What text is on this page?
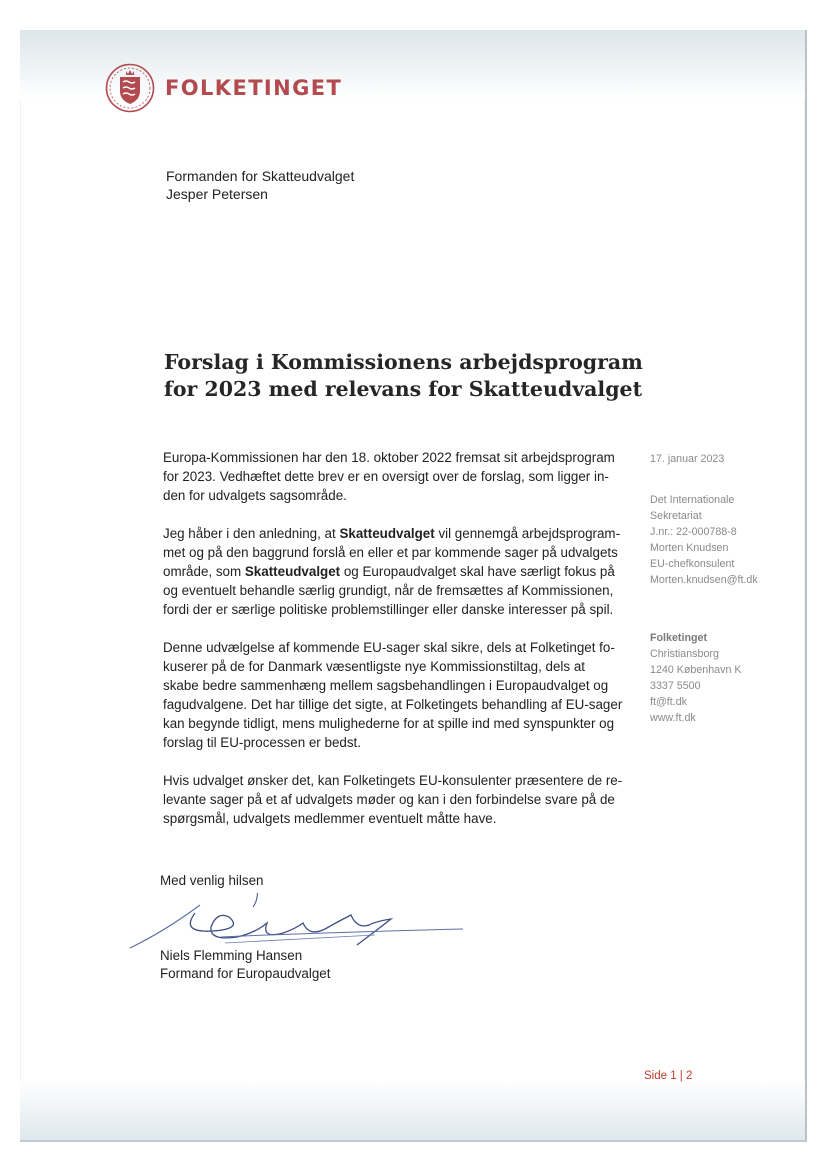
FOLKETINGET
Formanden for Skatteudvalget
Jesper Petersen
Forslag i Kommissionens arbejdsprogram
for 2023 med relevans for Skatteudvalget
Europa-Kommissionen har den 18. oktober 2022 fremsat sit arbejdsprogram
for 2023. Vedhæftet dette brev er en oversigt over de forslag, som ligger in-
den for udvalgets sagsområde.
Jeg håber i den anledning, at Skatteudvalget vil gennemgå arbejdsprogram-
met og på den baggrund forslå en eller et par kommende sager på udvalgets
område, som Skatteudvalget og Europaudvalget skal have særligt fokus på
og eventuelt behandle særlig grundigt, når de fremsættes af Kommissionen,
fordi der er særlige politiske problemstillinger eller danske interesser på spil.
Denne udvælgelse af kommende EU-sager skal sikre, dels at Folketinget fo-
kuserer på de for Danmark væsentligste nye Kommissionstiltag, dels at
skabe bedre sammenhæng mellem sagsbehandlingen i Europaudvalget og
fagudvalgene. Det har tillige det sigte, at Folketingets behandling af EU-sager
kan begynde tidligt, mens mulighederne for at spille ind med synspunkter og
forslag til EU-processen er bedst.
Hvis udvalget ønsker det, kan Folketingets EU-konsulenter præsentere de re-
levante sager på et af udvalgets møder og kan i den forbindelse svare på de
spørgsmål, udvalgets medlemmer eventuelt måtte have.
17. januar 2023
Det Internationale
Sekretariat
J.nr.: 22-000788-8
Morten Knudsen
EU-chefkonsulent
Morten.knudsen@ft.dk
Folketinget
Christiansborg
1240 København K
3337 5500
ft@ft.dk
www.ft.dk
Med venlig hilsen
Niels Flemming Hansen
Formand for Europaudvalget
Side 1 | 2
